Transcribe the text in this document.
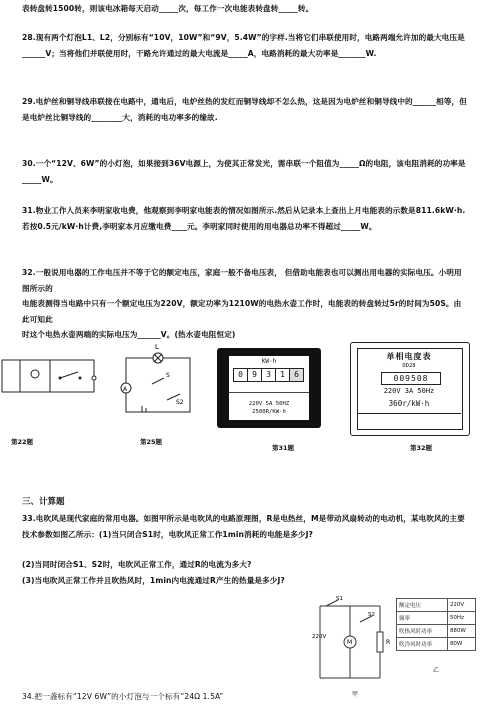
表转盘转1500转，则该电冰箱每天启动_____次，每工作一次电能表转盘转_____转。
28.现有两个灯泡L1、L2，分别标有“10V，10W”和“9V，5.4W”的字样.当将它们串联使用时，电路两端允许加的最大电压是______V；当将他们并联使用时，干路允许通过的最大电流是_____A，电路消耗的最大功率是_______W.
29.电炉丝和铜导线串联接在电路中，通电后，电炉丝热的发红而铜导线却不怎么热，这是因为电炉丝和铜导线中的______相等，但是电炉丝比铜导线的________大，消耗的电功率多的缘故.
30.一个“12V、6W”的小灯泡，如果接到36V电源上，为使其正常发光，需串联一个阻值为_____Ω的电阻，该电阻消耗的功率是_____W。
31.物业工作人员来李明家收电费，他观察到李明家电能表的情况如图所示.然后从记录本上查出上月电能表的示数是811.6kW·h.若按0.5元/kW·h计费,李明家本月应缴电费____元。李明家同时使用的用电器总功率不得超过_____W。
32.一般说用电器的工作电压并不等于它的额定电压，家庭一般不备电压表， 但借助电能表也可以测出用电器的实际电压。小明用图所示的
电能表测得当电路中只有一个额定电压为220V，额定功率为1210W的电热水壶工作时，电能表的转盘转过5r的时间为50S。由此可知此
时这个电热水壶两端的实际电压为______V。(热水壶电阻恒定)
第22题
L
A
S
S2
第25题
KW·h
0	9	3	1	6
220V 5A 50HZ
2500R/KW·h
第31题
单相电度表
DD28
009508
220V 3A 50Hz
360r/kW·h
第32题
三、计算题
33.电吹风是现代家庭的常用电器。如图甲所示是电吹风的电路原理图，R是电热丝，M是带动风扇转动的电动机，某电吹风的主要技术参数如图乙所示：(1)当只闭合S1时，电吹风正常工作1min消耗的电能是多少J?
(2)当同时闭合S1、S2时，电吹风正常工作，通过R的电流为多大?
(3)当电吹风正常工作并且吹热风时，1min内电流通过R产生的热量是多少J?
S1
S2
M	R
220V
甲
额定电压	220V
频率	50Hz
吹热风时功率	880W
吹冷风时功率	80W
乙
34.把一盏标有“12V 6W”的小灯泡与一个标有“24Ω 1.5A”
